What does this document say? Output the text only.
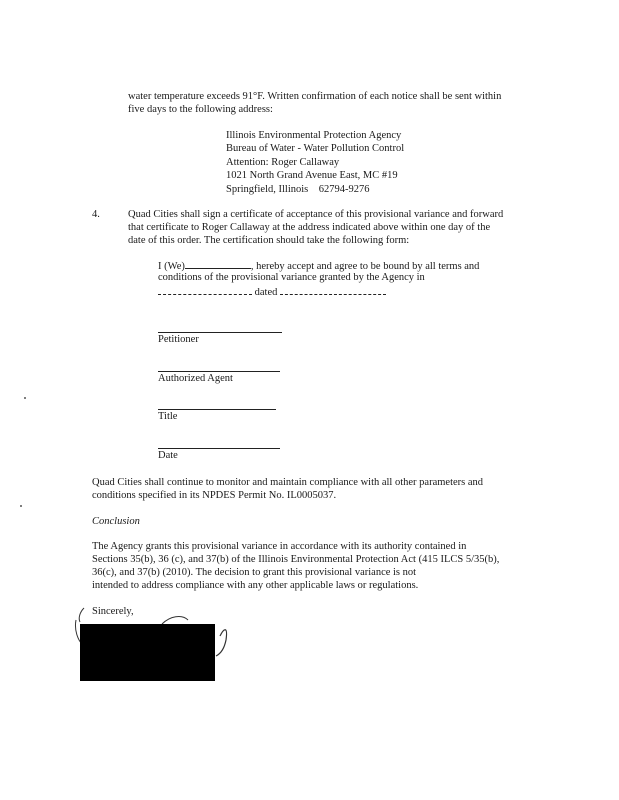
water temperature exceeds 91°F. Written confirmation of each notice shall be sent within
five days to the following address:
Illinois Environmental Protection Agency
Bureau of Water - Water Pollution Control
Attention: Roger Callaway
1021 North Grand Avenue East, MC #19
Springfield, Illinois    62794-9276
4.	Quad Cities shall sign a certificate of acceptance of this provisional variance and forward
that certificate to Roger Callaway at the address indicated above within one day of the
date of this order. The certification should take the following form:
I (We)	, hereby accept and agree to be bound by all terms and
conditions of the provisional variance granted by the Agency in
dated
Petitioner
Authorized Agent
Title
Date
Quad Cities shall continue to monitor and maintain compliance with all other parameters and
conditions specified in its NPDES Permit No. IL0005037.
Conclusion
The Agency grants this provisional variance in accordance with its authority contained in
Sections 35(b), 36 (c), and 37(b) of the Illinois Environmental Protection Act (415 ILCS 5/35(b),
36(c), and 37(b) (2010). The decision to grant this provisional variance is not
intended to address compliance with any other applicable laws or regulations.
Sincerely,
